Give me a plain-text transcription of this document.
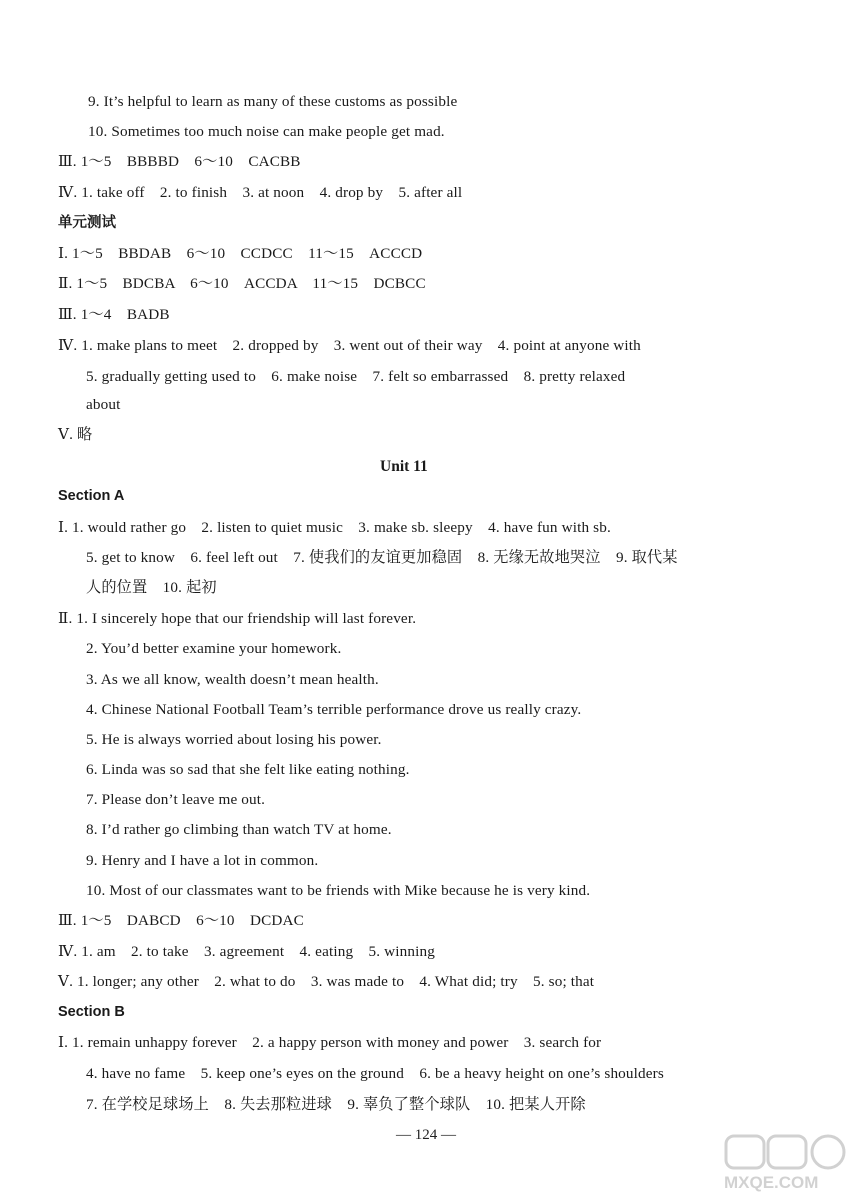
9. It’s helpful to learn as many of these customs as possible
10. Sometimes too much noise can make people get mad.
Ⅲ. 1～5　BBBBD　6～10　CACBB
Ⅳ. 1. take off　2. to finish　3. at noon　4. drop by　5. after all
单元测试
Ⅰ. 1～5　BBDAB　6～10　CCDCC　11～15　ACCCD
Ⅱ. 1～5　BDCBA　6～10　ACCDA　11～15　DCBCC
Ⅲ. 1～4　BADB
Ⅳ. 1. make plans to meet　2. dropped by　3. went out of their way　4. point at anyone with
5. gradually getting used to　6. make noise　7. felt so embarrassed　8. pretty relaxed
about
Ⅴ. 略
Unit 11
Section A
Ⅰ. 1. would rather go　2. listen to quiet music　3. make sb. sleepy　4. have fun with sb.
5. get to know　6. feel left out　7. 使我们的友谊更加稳固　8. 无缘无故地哭泣　9. 取代某
人的位置　10. 起初
Ⅱ. 1. I sincerely hope that our friendship will last forever.
2. You’d better examine your homework.
3. As we all know, wealth doesn’t mean health.
4. Chinese National Football Team’s terrible performance drove us really crazy.
5. He is always worried about losing his power.
6. Linda was so sad that she felt like eating nothing.
7. Please don’t leave me out.
8. I’d rather go climbing than watch TV at home.
9. Henry and I have a lot in common.
10. Most of our classmates want to be friends with Mike because he is very kind.
Ⅲ. 1～5　DABCD　6～10　DCDAC
Ⅳ. 1. am　2. to take　3. agreement　4. eating　5. winning
Ⅴ. 1. longer; any other　2. what to do　3. was made to　4. What did; try　5. so; that
Section B
Ⅰ. 1. remain unhappy forever　2. a happy person with money and power　3. search for
4. have no fame　5. keep one’s eyes on the ground　6. be a heavy height on one’s shoulders
7. 在学校足球场上　8. 失去那粒进球　9. 辜负了整个球队　10. 把某人开除
— 124 —
MXQE.COM
